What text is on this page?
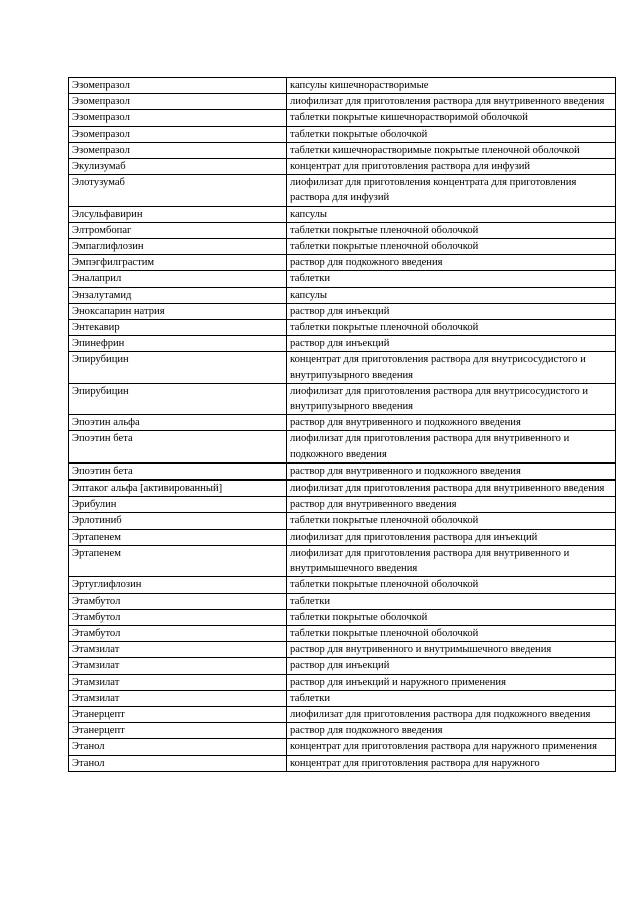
Эзомепразол	капсулы кишечнорастворимые
Эзомепразол	лиофилизат для приготовления раствора для внутривенного введения
Эзомепразол	таблетки покрытые кишечнорастворимой оболочкой
Эзомепразол	таблетки покрытые оболочкой
Эзомепразол	таблетки кишечнорастворимые покрытые пленочной оболочкой
Экулизумаб	концентрат для приготовления раствора для инфузий
Элотузумаб	лиофилизат для приготовления концентрата для приготовления раствора для инфузий
Элсульфавирин	капсулы
Элтромбопаг	таблетки покрытые пленочной оболочкой
Эмпаглифлозин	таблетки покрытые пленочной оболочкой
Эмпэгфилграстим	раствор для подкожного введения
Эналаприл	таблетки
Энзалутамид	капсулы
Эноксапарин натрия	раствор для инъекций
Энтекавир	таблетки покрытые пленочной оболочкой
Эпинефрин	раствор для инъекций
Эпирубицин	концентрат для приготовления раствора для внутрисосудистого и внутрипузырного введения
Эпирубицин	лиофилизат для приготовления раствора для внутрисосудистого и внутрипузырного введения
Эпоэтин альфа	раствор для внутривенного и подкожного введения
Эпоэтин бета	лиофилизат для приготовления раствора для внутривенного и подкожного введения
Эпоэтин бета	раствор для внутривенного и подкожного введения
Эптаког альфа [активированный]	лиофилизат для приготовления раствора для внутривенного введения
Эрибулин	раствор для внутривенного введения
Эрлотиниб	таблетки покрытые пленочной оболочкой
Эртапенем	лиофилизат для приготовления раствора для инъекций
Эртапенем	лиофилизат для приготовления раствора для внутривенного и внутримышечного введения
Эртуглифлозин	таблетки покрытые пленочной оболочкой
Этамбутол	таблетки
Этамбутол	таблетки покрытые оболочкой
Этамбутол	таблетки покрытые пленочной оболочкой
Этамзилат	раствор для внутривенного и внутримышечного введения
Этамзилат	раствор для инъекций
Этамзилат	раствор для инъекций и наружного применения
Этамзилат	таблетки
Этанерцепт	лиофилизат для приготовления раствора для подкожного введения
Этанерцепт	раствор для подкожного введения
Этанол	концентрат для приготовления раствора для наружного применения
Этанол	концентрат для приготовления раствора для наружного
